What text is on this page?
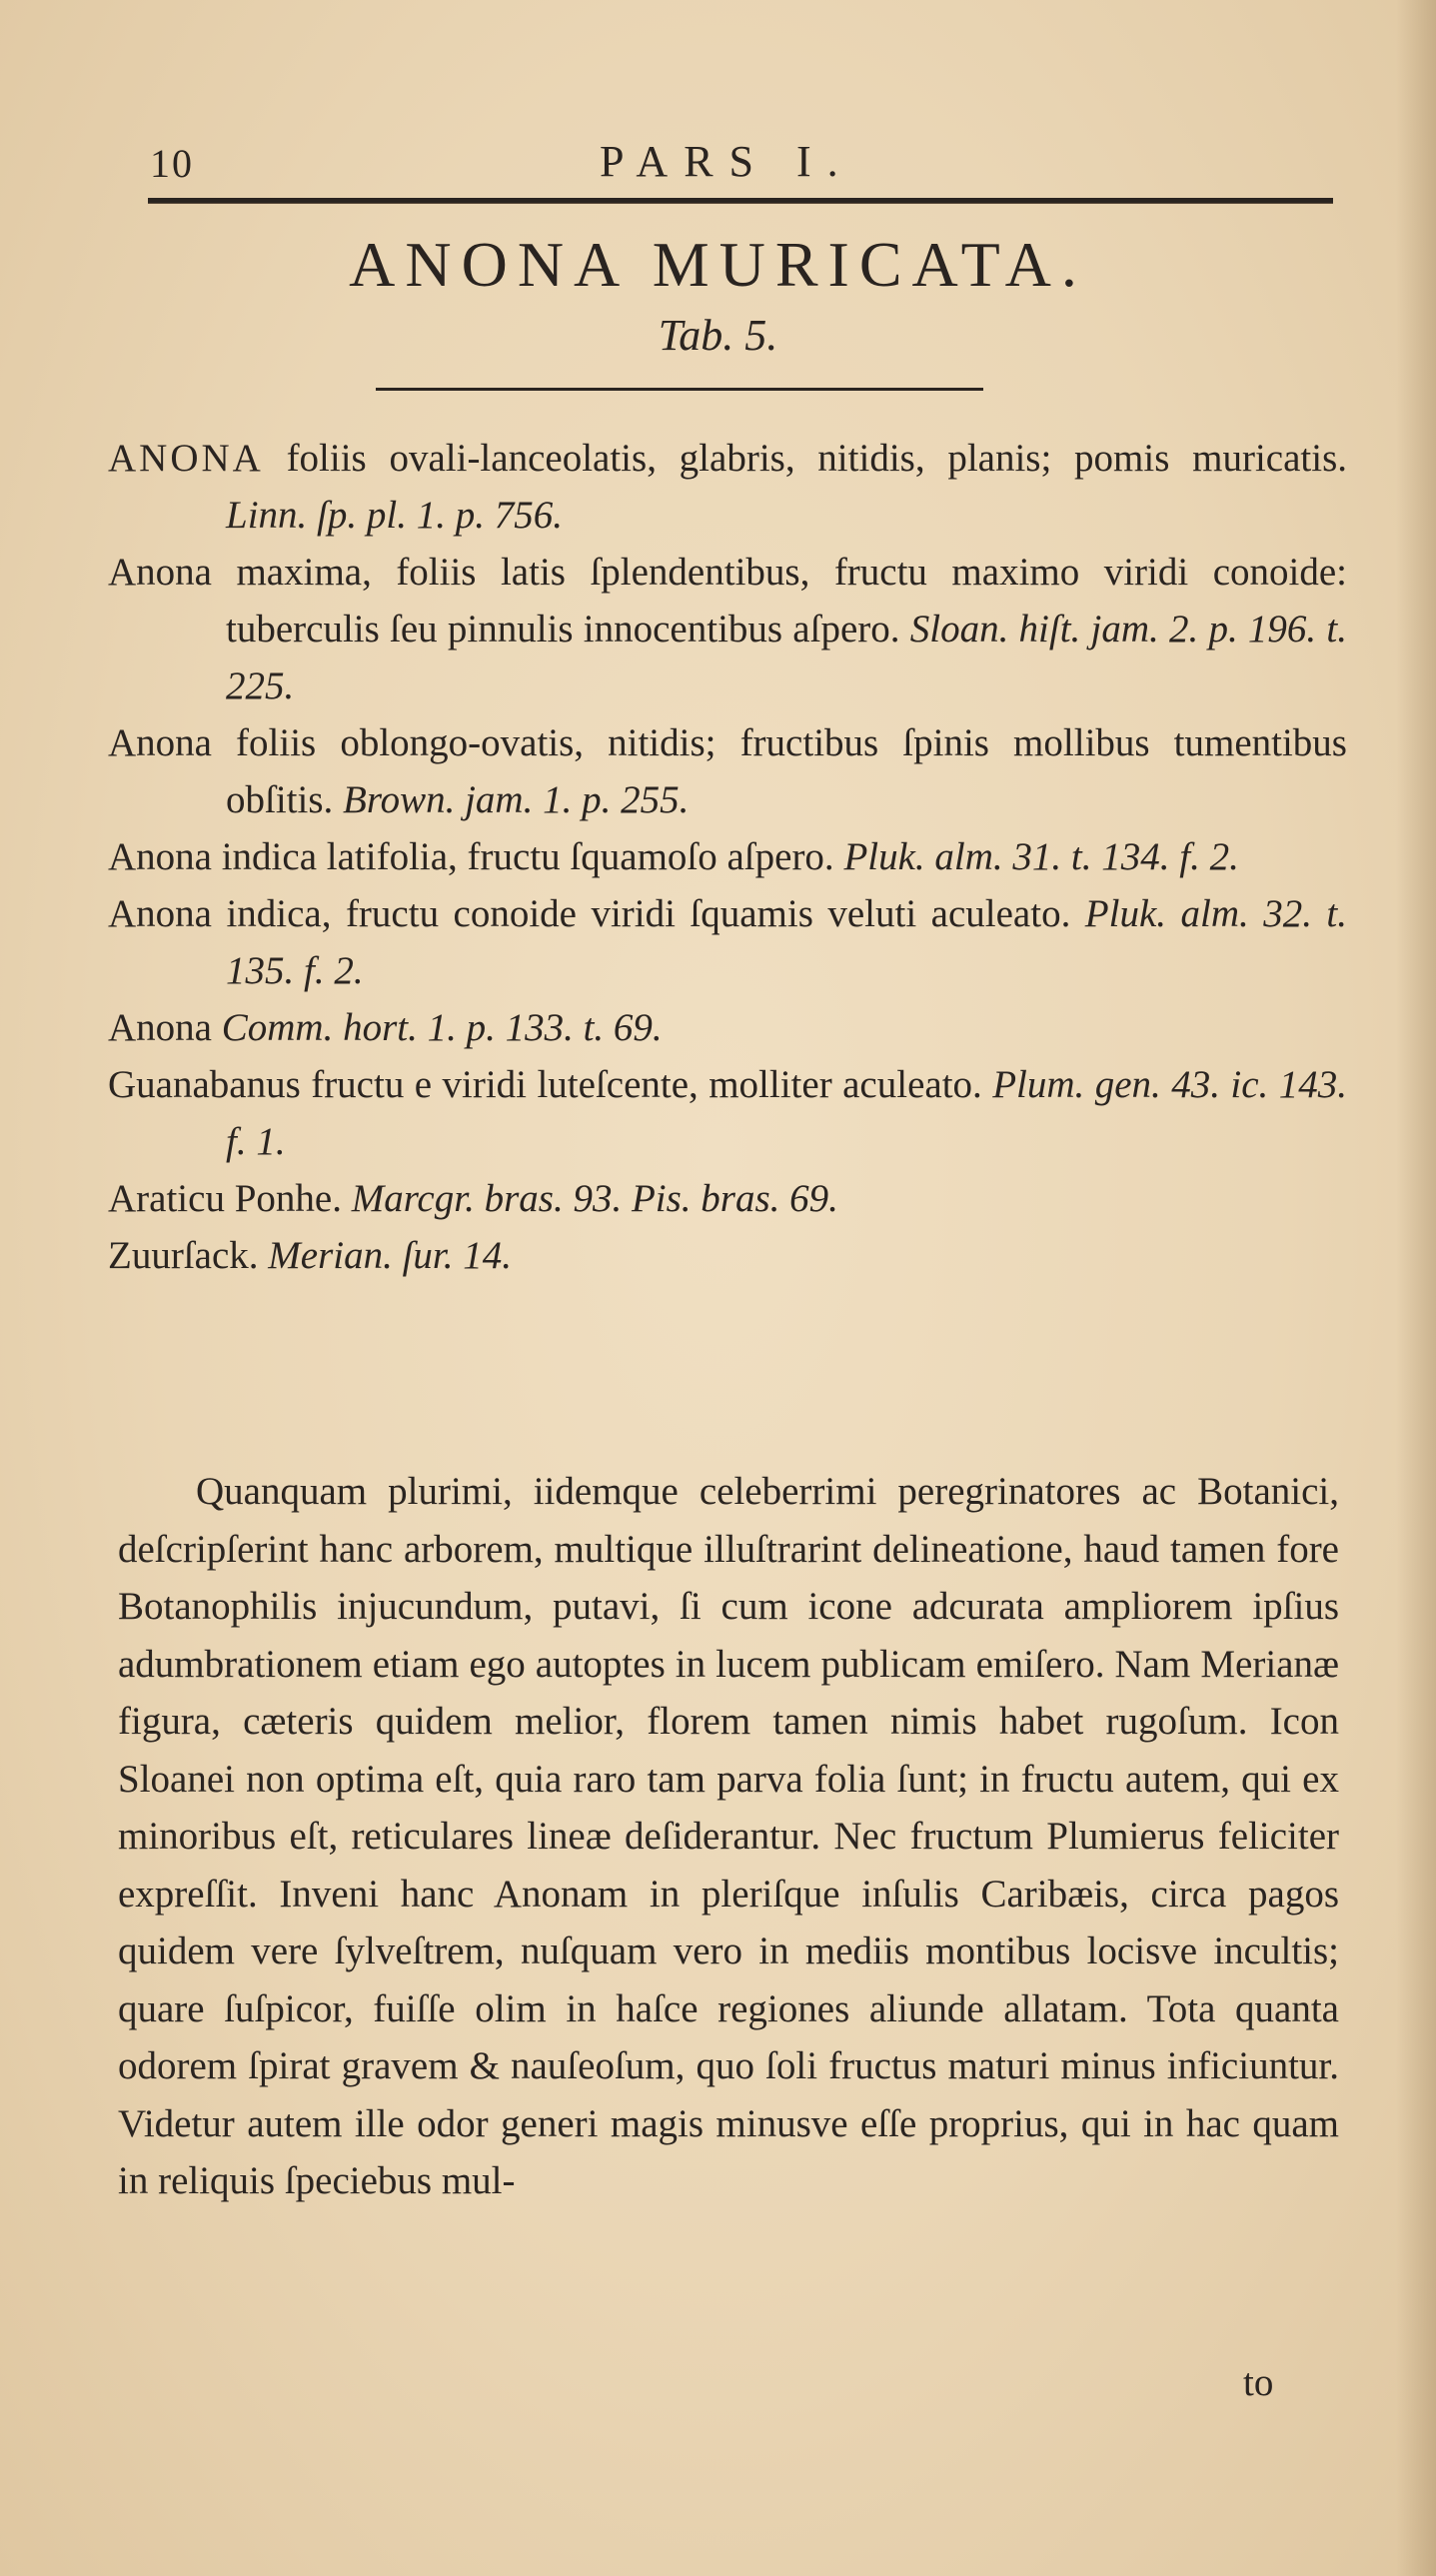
10	PARS I.
ANONA MURICATA.
Tab. 5.
ANONA foliis ovali-lanceolatis, glabris, nitidis, planis; pomis muricatis. Linn. ſp. pl. 1. p. 756.
Anona maxima, foliis latis ſplendentibus, fructu maximo viridi conoide: tuberculis ſeu pinnulis innocentibus aſpero. Sloan. hiſt. jam. 2. p. 196. t. 225.
Anona foliis oblongo-ovatis, nitidis; fructibus ſpinis mollibus tumentibus obſitis. Brown. jam. 1. p. 255.
Anona indica latifolia, fructu ſquamoſo aſpero. Pluk. alm. 31. t. 134. f. 2.
Anona indica, fructu conoide viridi ſquamis veluti aculeato. Pluk. alm. 32. t. 135. f. 2.
Anona Comm. hort. 1. p. 133. t. 69.
Guanabanus fructu e viridi luteſcente, molliter aculeato. Plum. gen. 43. ic. 143. f. 1.
Araticu Ponhe. Marcgr. bras. 93. Pis. bras. 69.
Zuurſack. Merian. ſur. 14.

Quanquam plurimi, iidemque celeberrimi peregrinatores ac Botanici, deſcripſerint hanc arborem, multique illuſtrarint delineatione, haud tamen fore Botanophilis injucundum, putavi, ſi cum icone adcurata ampliorem ipſius adumbrationem etiam ego autoptes in lucem publicam emiſero. Nam Merianæ figura, cæteris quidem melior, florem tamen nimis habet rugoſum. Icon Sloanei non optima eſt, quia raro tam parva folia ſunt; in fructu autem, qui ex minoribus eſt, reticulares lineæ deſiderantur. Nec fructum Plumierus feliciter expreſſit. Inveni hanc Anonam in pleriſque inſulis Caribæis, circa pagos quidem vere ſylveſtrem, nuſquam vero in mediis montibus locisve incultis; quare ſuſpicor, fuiſſe olim in haſce regiones aliunde allatam. Tota quanta odorem ſpirat gravem & nauſeoſum, quo ſoli fructus maturi minus inficiuntur. Videtur autem ille odor generi magis minusve eſſe proprius, qui in hac quam in reliquis ſpeciebus mul-

to
